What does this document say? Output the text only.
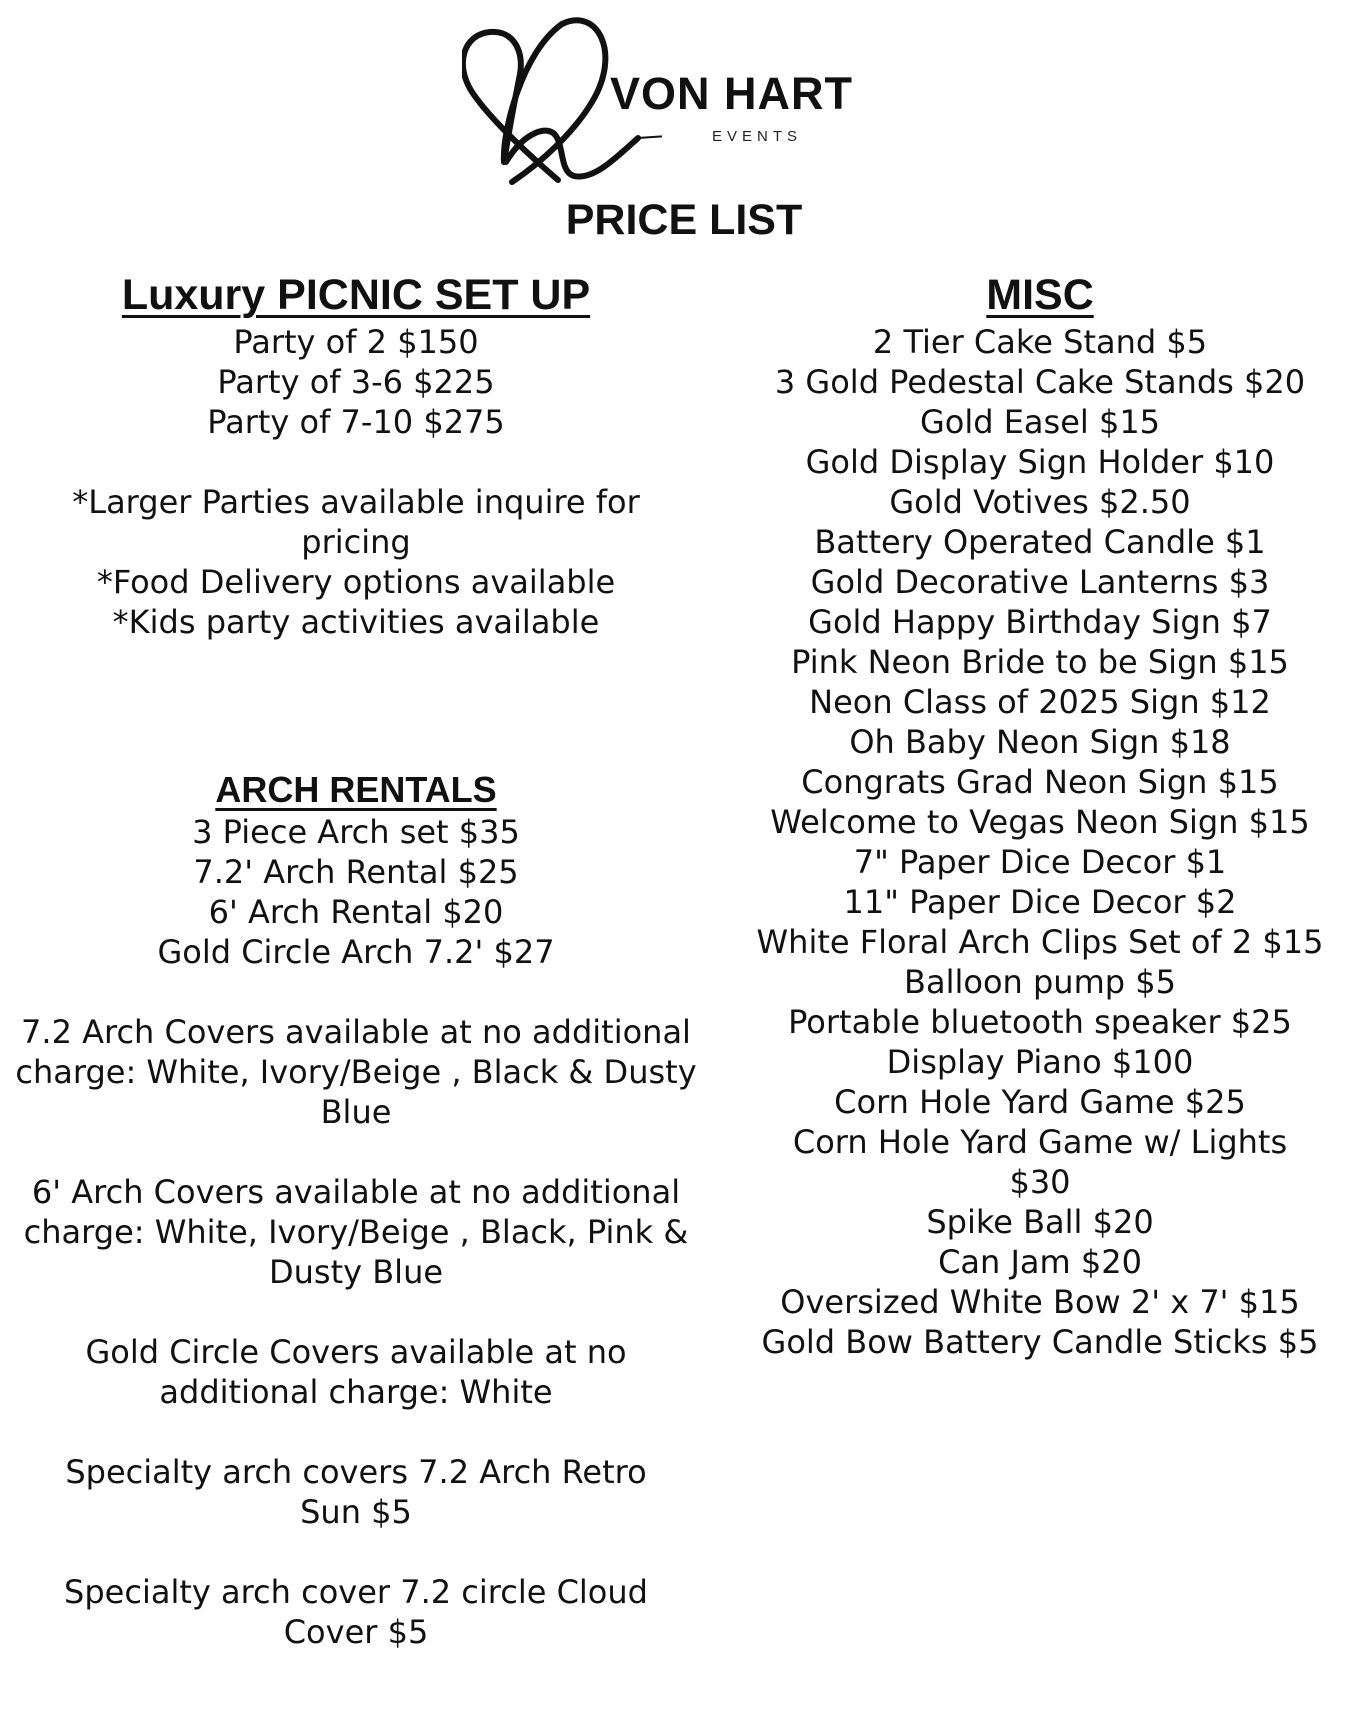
VON HART
EVENTS
PRICE LIST
Luxury PICNIC SET UP
Party of 2 $150
Party of 3-6 $225
Party of 7-10 $275
*Larger Parties available inquire for pricing
*Food Delivery options available
*Kids party activities available
ARCH RENTALS
3 Piece Arch set $35
7.2' Arch Rental $25
6' Arch Rental $20
Gold Circle Arch 7.2' $27
7.2 Arch Covers available at no additional charge: White, Ivory/Beige , Black & Dusty Blue
6' Arch Covers available at no additional charge: White, Ivory/Beige , Black, Pink & Dusty Blue
Gold Circle Covers available at no additional charge: White
Specialty arch covers 7.2 Arch Retro Sun $5
Specialty arch cover 7.2 circle Cloud Cover $5
MISC
2 Tier Cake Stand $5
3 Gold Pedestal Cake Stands $20
Gold Easel $15
Gold Display Sign Holder $10
Gold Votives $2.50
Battery Operated Candle $1
Gold Decorative Lanterns $3
Gold Happy Birthday Sign $7
Pink Neon Bride to be Sign $15
Neon Class of 2025 Sign $12
Oh Baby Neon Sign $18
Congrats Grad Neon Sign $15
Welcome to Vegas Neon Sign $15
7" Paper Dice Decor $1
11" Paper Dice Decor $2
White Floral Arch Clips Set of 2 $15
Balloon pump $5
Portable bluetooth speaker $25
Display Piano $100
Corn Hole Yard Game $25
Corn Hole Yard Game w/ Lights $30
Spike Ball $20
Can Jam $20
Oversized White Bow 2' x 7' $15
Gold Bow Battery Candle Sticks $5
